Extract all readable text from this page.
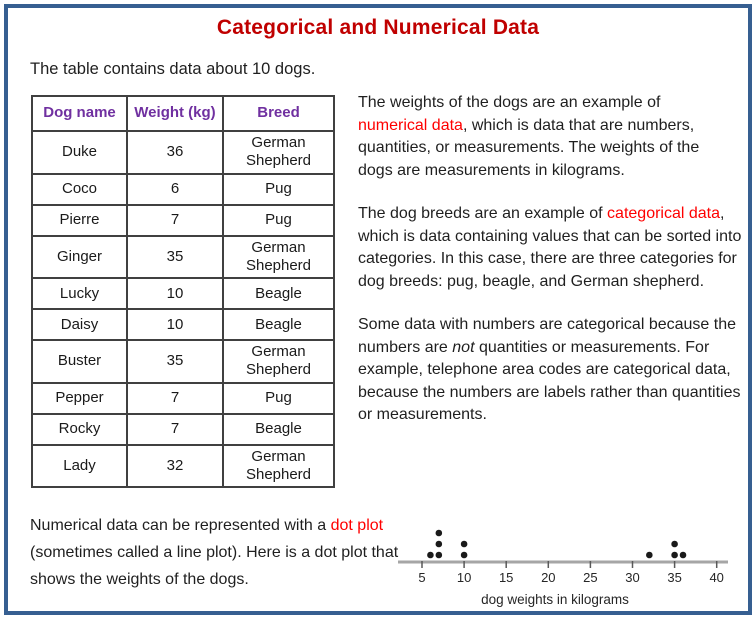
Categorical and Numerical Data
The table contains data about 10 dogs.
Dog name	Weight (kg)	Breed
Duke	36	German Shepherd
Coco	6	Pug
Pierre	7	Pug
Ginger	35	German Shepherd
Lucky	10	Beagle
Daisy	10	Beagle
Buster	35	German Shepherd
Pepper	7	Pug
Rocky	7	Beagle
Lady	32	German Shepherd

The weights of the dogs are an example of numerical data, which is data that are numbers, quantities, or measurements. The weights of the dogs are measurements in kilograms.

The dog breeds are an example of categorical data, which is data containing values that can be sorted into categories. In this case, there are three categories for dog breeds: pug, beagle, and German shepherd.

Some data with numbers are categorical because the numbers are not quantities or measurements. For example, telephone area codes are categorical data, because the numbers are labels rather than quantities or measurements.

Numerical data can be represented with a dot plot (sometimes called a line plot). Here is a dot plot that shows the weights of the dogs.	5 10 15 20 25 30 35 40
dog weights in kilograms
